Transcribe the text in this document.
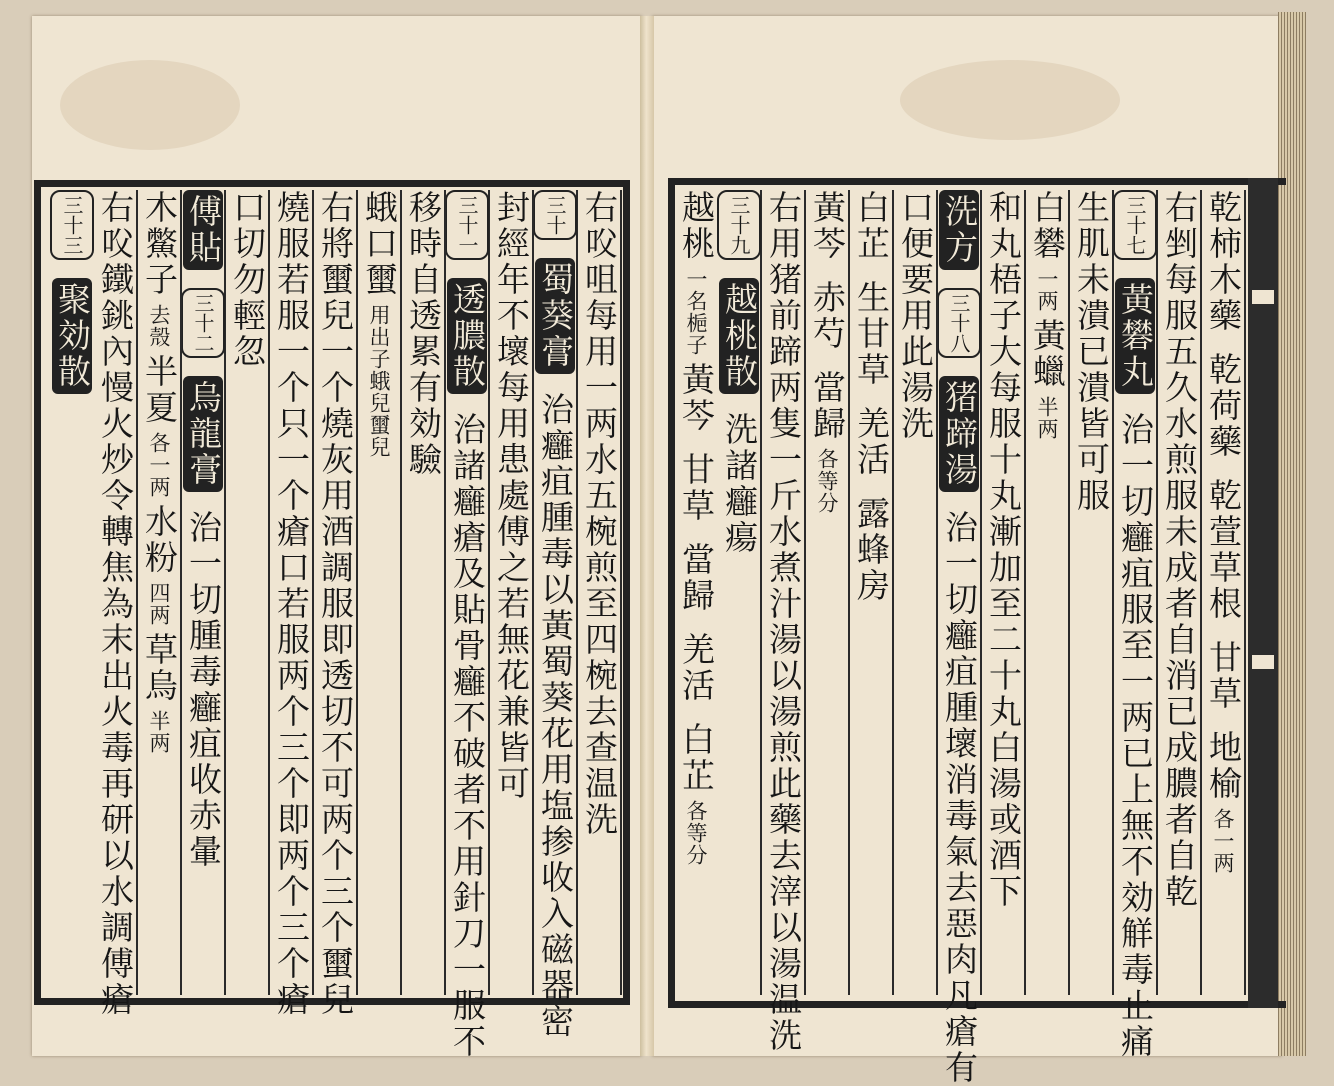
右㕮咀每用一两水五椀煎至四椀去查温洗
三十
蜀葵膏
治癰疽腫毒以黃蜀葵花用塩掺收入磁器密
封經年不壞每用患處傅之若無花兼皆可
三十一
透膿散
治諸癰瘡及貼骨癰不破者不用針刀一服不
移時自透累有効驗
蛾口蠒
用出子蛾兒蠒兒
右將蠒兒一个燒灰用酒調服即透切不可两个三个蠒兒
燒服若服一个只一个瘡口若服两个三个即两个三个瘡
口切勿輕忽
傅貼
三十二
烏龍膏
治一切腫毒癰疽收赤暈
木鱉子
去殼
半夏
各一两
水粉
四两
草烏
半两
右㕮鐵銚內慢火炒令轉焦為末出火毒再研以水調傅瘡
三十三
聚効散
乾柿木藥
乾荷藥
乾萱草根
甘草
地榆
各一两
右剉每服五久水煎服未成者自消已成膿者自乾
三十七
黃礬丸
治一切癰疽服至一两已上無不効觧毒止痛
生肌未潰已潰皆可服
白礬
一两
黃蠟
半两
和丸梧子大每服十丸漸加至二十丸白湯或酒下
洗方
三十八
猪蹄湯
治一切癰疽腫壞消毒氣去惡肉凡瘡有
口便要用此湯洗
白芷
生甘草
羌活
露蜂房
黃芩
赤芍
當歸
各等分
右用猪前蹄两隻一斤水煮汁湯以湯煎此藥去滓以湯温洗
三十九
越桃散
洗諸癰瘍
越桃
一名梔子
黃芩
甘草
當歸
羌活
白芷
各等分
